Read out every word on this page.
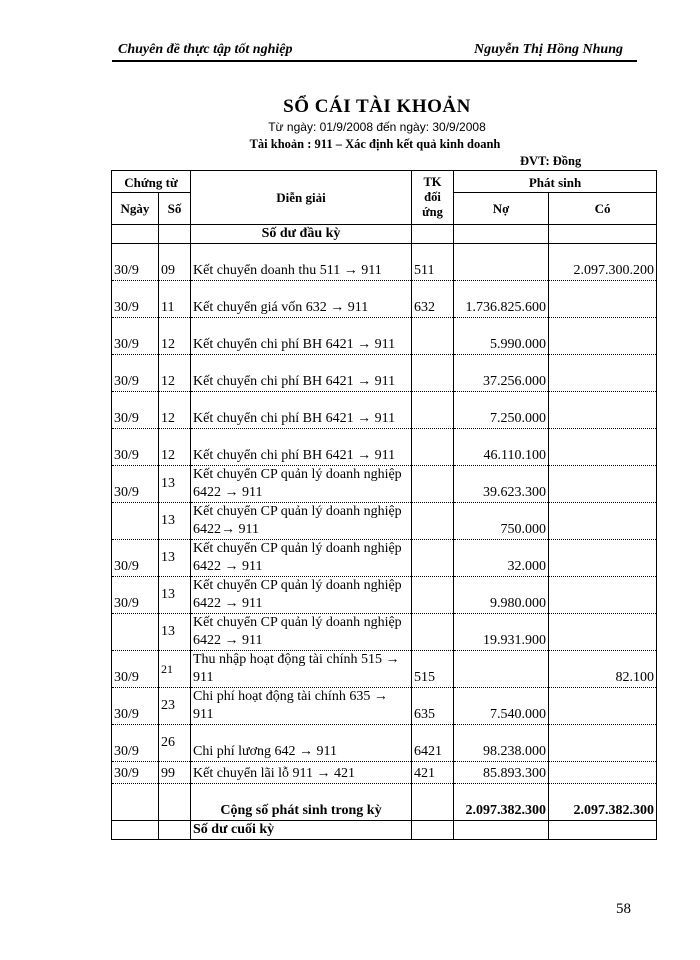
Chuyên đề thực tập tốt nghiệp	Nguyễn Thị Hồng Nhung
SỔ CÁI TÀI KHOẢN
Từ ngày: 01/9/2008 đến ngày: 30/9/2008
Tài khoản : 911 – Xác định kết quả kinh doanh
ĐVT: Đồng
Chứng từ		Diễn giải	TK đối ứng	Phát sinh	
Ngày	Số			Nợ	Có
		Số dư đầu kỳ			
30/9	09	Kết chuyển doanh thu 511 → 911	511		2.097.300.200
30/9	11	Kết chuyển giá vốn 632 → 911	632	1.736.825.600	
30/9	12	Kết chuyển chi phí BH 6421 → 911		5.990.000	
30/9	12	Kết chuyển chi phí BH 6421 → 911		37.256.000	
30/9	12	Kết chuyển chi phí BH 6421 → 911		7.250.000	
30/9	12	Kết chuyển chi phí BH 6421 → 911		46.110.100	
30/9	13	Kết chuyển CP quản lý doanh nghiệp 6422 → 911		39.623.300	
	13	Kết chuyển CP quản lý doanh nghiệp 6422→ 911		750.000	
30/9	13	Kết chuyển CP quản lý doanh nghiệp 6422 → 911		32.000	
30/9	13	Kết chuyển CP quản lý doanh nghiệp 6422 → 911		9.980.000	
	13	Kết chuyển CP quản lý doanh nghiệp 6422 → 911		19.931.900	
30/9	21	Thu nhập hoạt động tài chính 515 → 911	515		82.100
30/9	23	Chi phí hoạt động tài chính 635 → 911	635	7.540.000	
30/9	26	Chi phí lương 642 → 911	6421	98.238.000	
30/9	99	Kết chuyển lãi lỗ 911 → 421	421	85.893.300	
		Cộng số phát sinh trong kỳ		2.097.382.300	2.097.382.300
		Số dư cuối kỳ			
58
